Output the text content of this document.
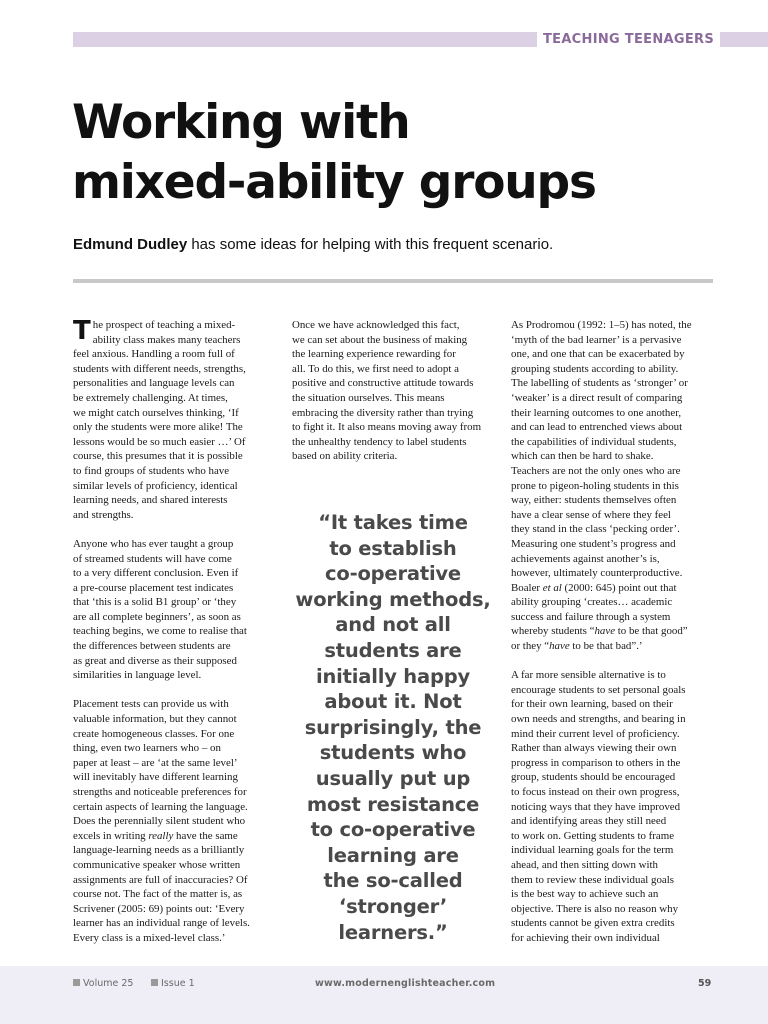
TEACHING TEENAGERS
Working with
mixed-ability groups

Edmund Dudley has some ideas for helping with this frequent scenario.

The prospect of teaching a mixed-
ability class makes many teachers
feel anxious. Handling a room full of
students with different needs, strengths,
personalities and language levels can
be extremely challenging. At times,
we might catch ourselves thinking, ‘If
only the students were more alike! The
lessons would be so much easier …’ Of
course, this presumes that it is possible
to find groups of students who have
similar levels of proficiency, identical
learning needs, and shared interests
and strengths.

Anyone who has ever taught a group
of streamed students will have come
to a very different conclusion. Even if
a pre-course placement test indicates
that ‘this is a solid B1 group’ or ‘they
are all complete beginners’, as soon as
teaching begins, we come to realise that
the differences between students are
as great and diverse as their supposed
similarities in language level.

Placement tests can provide us with
valuable information, but they cannot
create homogeneous classes. For one
thing, even two learners who – on
paper at least – are ‘at the same level’
will inevitably have different learning
strengths and noticeable preferences for
certain aspects of learning the language.
Does the perennially silent student who
excels in writing really have the same
language-learning needs as a brilliantly
communicative speaker whose written
assignments are full of inaccuracies? Of
course not. The fact of the matter is, as
Scrivener (2005: 69) points out: ‘Every
learner has an individual range of levels.
Every class is a mixed-level class.’

Once we have acknowledged this fact,
we can set about the business of making
the learning experience rewarding for
all. To do this, we first need to adopt a
positive and constructive attitude towards
the situation ourselves. This means
embracing the diversity rather than trying
to fight it. It also means moving away from
the unhealthy tendency to label students
based on ability criteria.

“It takes time
to establish
co-operative
working methods,
and not all
students are
initially happy
about it. Not
surprisingly, the
students who
usually put up
most resistance
to co-operative
learning are
the so-called
‘stronger’
learners.”

As Prodromou (1992: 1–5) has noted, the
‘myth of the bad learner’ is a pervasive
one, and one that can be exacerbated by
grouping students according to ability.
The labelling of students as ‘stronger’ or
‘weaker’ is a direct result of comparing
their learning outcomes to one another,
and can lead to entrenched views about
the capabilities of individual students,
which can then be hard to shake.
Teachers are not the only ones who are
prone to pigeon-holing students in this
way, either: students themselves often
have a clear sense of where they feel
they stand in the class ‘pecking order’.
Measuring one student’s progress and
achievements against another’s is,
however, ultimately counterproductive.
Boaler et al (2000: 645) point out that
ability grouping ‘creates… academic
success and failure through a system
whereby students “have to be that good”
or they “have to be that bad”.’

A far more sensible alternative is to
encourage students to set personal goals
for their own learning, based on their
own needs and strengths, and bearing in
mind their current level of proficiency.
Rather than always viewing their own
progress in comparison to others in the
group, students should be encouraged
to focus instead on their own progress,
noticing ways that they have improved
and identifying areas they still need
to work on. Getting students to frame
individual learning goals for the term
ahead, and then sitting down with
them to review these individual goals
is the best way to achieve such an
objective. There is also no reason why
students cannot be given extra credits
for achieving their own individual

Volume 25	Issue 1	www.modernenglishteacher.com	59
